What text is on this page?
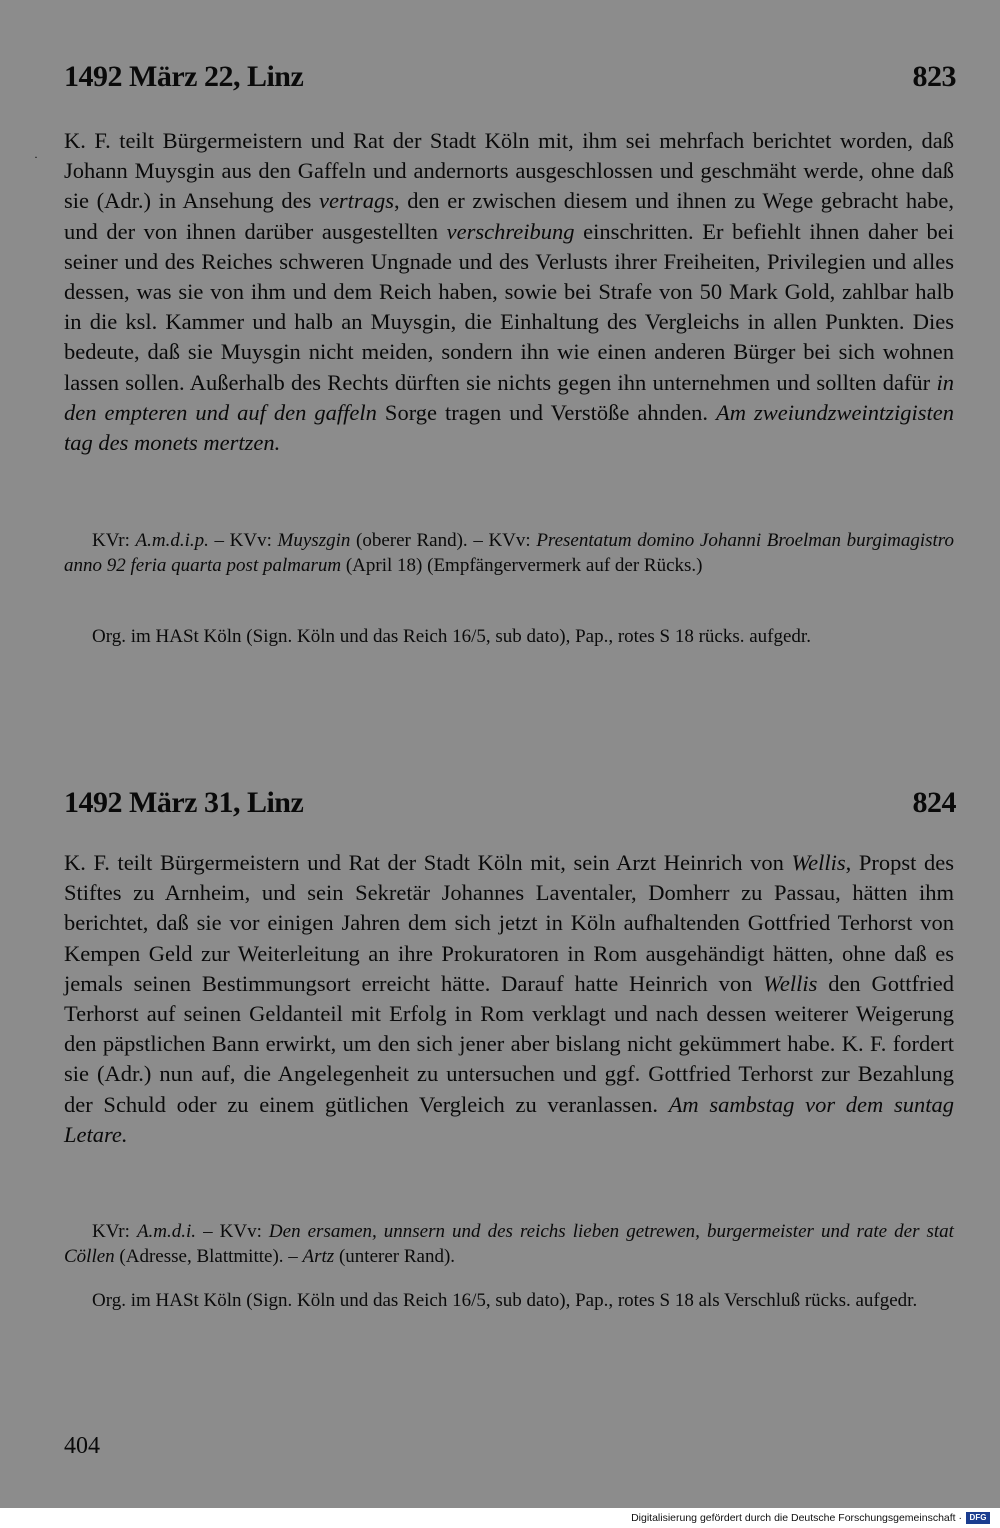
·
1492 März 22, Linz	823

K. F. teilt Bürgermeistern und Rat der Stadt Köln mit, ihm sei mehrfach berichtet worden, daß Johann Muysgin aus den Gaffeln und andernorts ausgeschlossen und geschmäht werde, ohne daß sie (Adr.) in Ansehung des vertrags, den er zwischen diesem und ihnen zu Wege gebracht habe, und der von ihnen darüber ausgestellten verschreibung einschritten. Er befiehlt ihnen daher bei seiner und des Reiches schweren Ungnade und des Verlusts ihrer Freiheiten, Privilegien und alles dessen, was sie von ihm und dem Reich haben, sowie bei Strafe von 50 Mark Gold, zahlbar halb in die ksl. Kammer und halb an Muysgin, die Einhaltung des Vergleichs in allen Punkten. Dies bedeute, daß sie Muysgin nicht meiden, sondern ihn wie einen anderen Bürger bei sich wohnen lassen sollen. Außerhalb des Rechts dürften sie nichts gegen ihn unternehmen und sollten dafür in den empteren und auf den gaffeln Sorge tragen und Verstöße ahnden. Am zweiundzweintzigisten tag des monets mertzen.

KVr: A.m.d.i.p. – KVv: Muyszgin (oberer Rand). – KVv: Presentatum domino Johanni Broelman burgimagistro anno 92 feria quarta post palmarum (April 18) (Empfängervermerk auf der Rücks.)

Org. im HASt Köln (Sign. Köln und das Reich 16/5, sub dato), Pap., rotes S 18 rücks. aufgedr.

1492 März 31, Linz	824

K. F. teilt Bürgermeistern und Rat der Stadt Köln mit, sein Arzt Heinrich von Wellis, Propst des Stiftes zu Arnheim, und sein Sekretär Johannes Laventaler, Domherr zu Passau, hätten ihm berichtet, daß sie vor einigen Jahren dem sich jetzt in Köln aufhaltenden Gottfried Terhorst von Kempen Geld zur Weiterleitung an ihre Prokuratoren in Rom ausgehändigt hätten, ohne daß es jemals seinen Bestimmungsort erreicht hätte. Darauf hatte Heinrich von Wellis den Gottfried Terhorst auf seinen Geldanteil mit Erfolg in Rom verklagt und nach dessen weiterer Weigerung den päpstlichen Bann erwirkt, um den sich jener aber bislang nicht gekümmert habe. K. F. fordert sie (Adr.) nun auf, die Angelegenheit zu untersuchen und ggf. Gottfried Terhorst zur Bezahlung der Schuld oder zu einem gütlichen Vergleich zu veranlassen. Am sambstag vor dem suntag Letare.

KVr: A.m.d.i. – KVv: Den ersamen, unnsern und des reichs lieben getrewen, burgermeister und rate der stat Cöllen (Adresse, Blattmitte). – Artz (unterer Rand).

Org. im HASt Köln (Sign. Köln und das Reich 16/5, sub dato), Pap., rotes S 18 als Verschluß rücks. aufgedr.

404
Digitalisierung gefördert durch die Deutsche Forschungsgemeinschaft · DFG
